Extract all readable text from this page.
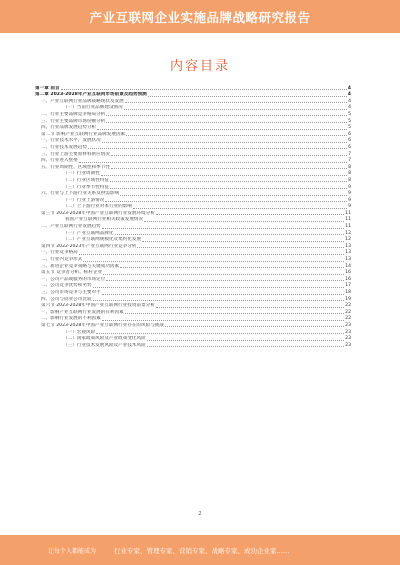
产业互联网企业实施品牌战略研究报告
内容目录
第一章 前言	4
第二章 2023-2028年产业互联网市场前景及趋势预测	4
一、产业互联网行业品牌战略现状及发展	4
（一）当前行业品牌建设情况	4
二、行业主要品牌竞争格局分析	5
三、行业主要品牌市场份额分析	5
四、行业品牌发展趋势分析	5
第二节 影响产业互联网行业品牌发展因素	6
一、行业技术水平、发展状况	6
二、行业技术发展趋势	6
三、行业上游主要原材料供应情况	7
四、行业进入壁垒	7
五、行业周期性、区域性和季节性	8
（一）行业周期性	8
（二）行业区域性特征	8
（三）行业季节性特征	9
六、行业与上下游行业关系及供需影响	9
（一）行业上游情况	9
（二）上下游行业对本行业的影响	9
第三节 2023-2028年中国产业互联网行业发展环境分析	11
我国产业互联网行业相关政策发展情况	11
二、产业互联网行业发展趋势	11
（一）产业互联网品牌化	12
（二）产业互联网规模化及集约化发展	12
第四节 2022-2023年产业互联网行业竞争分析	13
一、行业竞争格局	13
二、行业内竞争形式	13
三、新进企业竞争策略与关键成功因素	14
第五节 竞争者分析、标杆企业	16
一、公司产品或服务的市场定位	16
二、公司竞争优势和劣势	17
三、公司市场竞争与主要对手	18
四、公司与同业公司比较	19
第六节 2023-2028年中国产业互联网行业投资前景分析	22
一、影响产业互联网行业发展的有利因素	22
二、影响行业发展的不利因素	22
第七节 2023-2028年中国产业互联网行业存在的风险与挑战	23
（一）宏观风险	23
（二）国家政策风险及产业政策变化风险	23
（三）行业技术发展风险及产业技术风险	23
2
让每个人都能成为	行业专家、管理专家、营销专家、战略专家、成功企业家……
